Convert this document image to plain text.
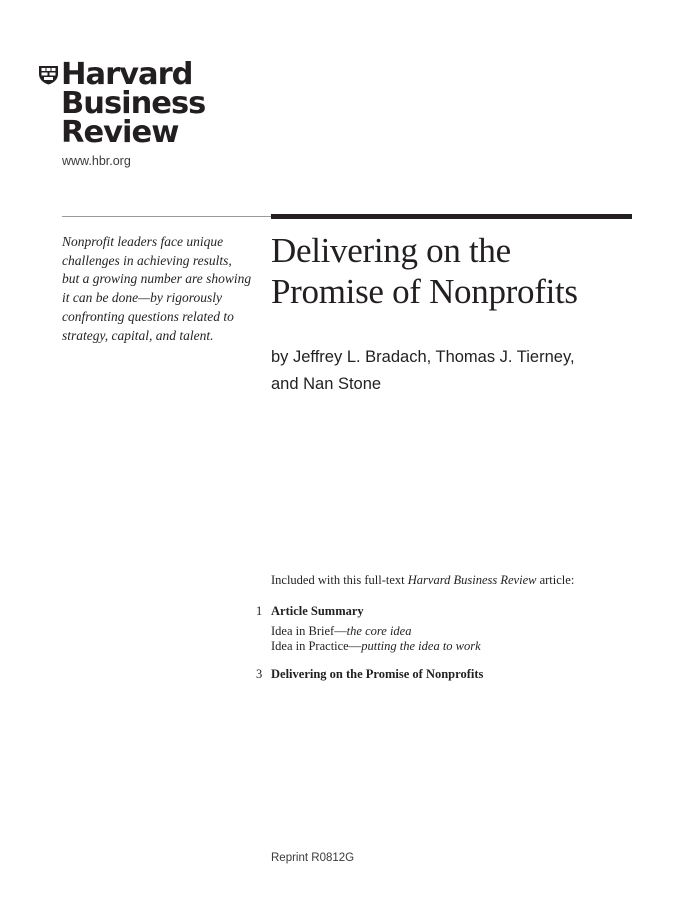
Harvard
Business
Review
www.hbr.org
Nonprofit leaders face unique challenges in achieving results, but a growing number are showing it can be done—by rigorously confronting questions related to strategy, capital, and talent.
Delivering on the
Promise of Nonprofits
by Jeffrey L. Bradach, Thomas J. Tierney,
and Nan Stone
Included with this full-text Harvard Business Review article:
1 Article Summary
Idea in Brief—the core idea
Idea in Practice—putting the idea to work
3 Delivering on the Promise of Nonprofits
Reprint R0812G
